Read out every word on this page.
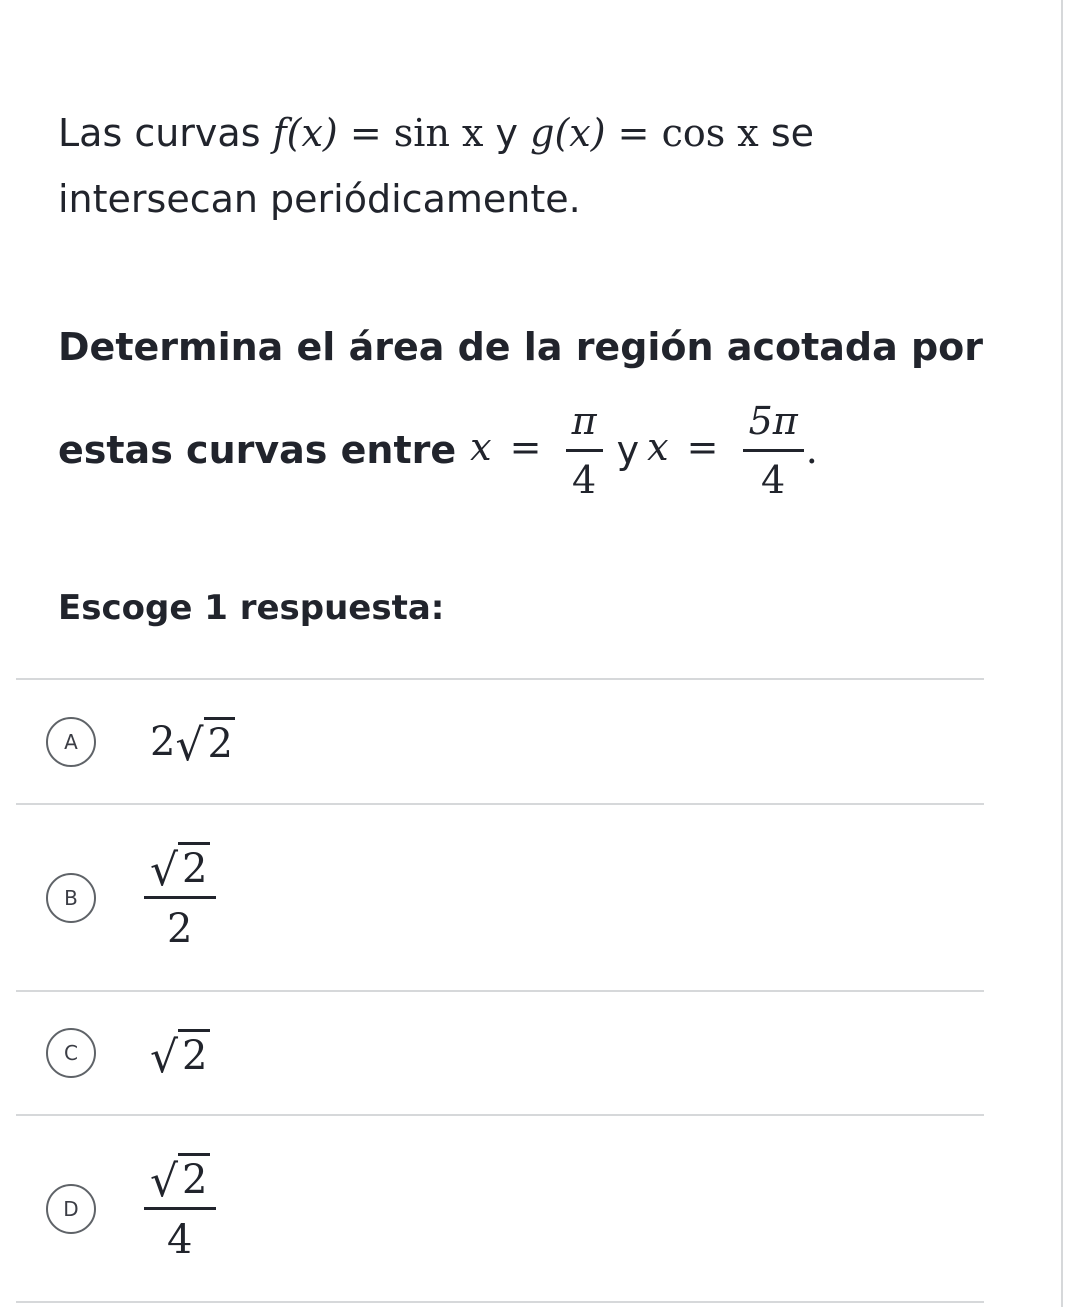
Las curvas f(x) = sin x y g(x) = cos x se
intersecan periódicamente.

Determina el área de la región acotada por

estas curvas entre $x = \frac{\pi}{4}$ y $x = \frac{5\pi}{4}$ .

Escoge 1 respuesta:

A	2 √ 2
B	$\frac{√ 2}{2}$
C	√ 2
D	$\frac{√ 2}{4}$
